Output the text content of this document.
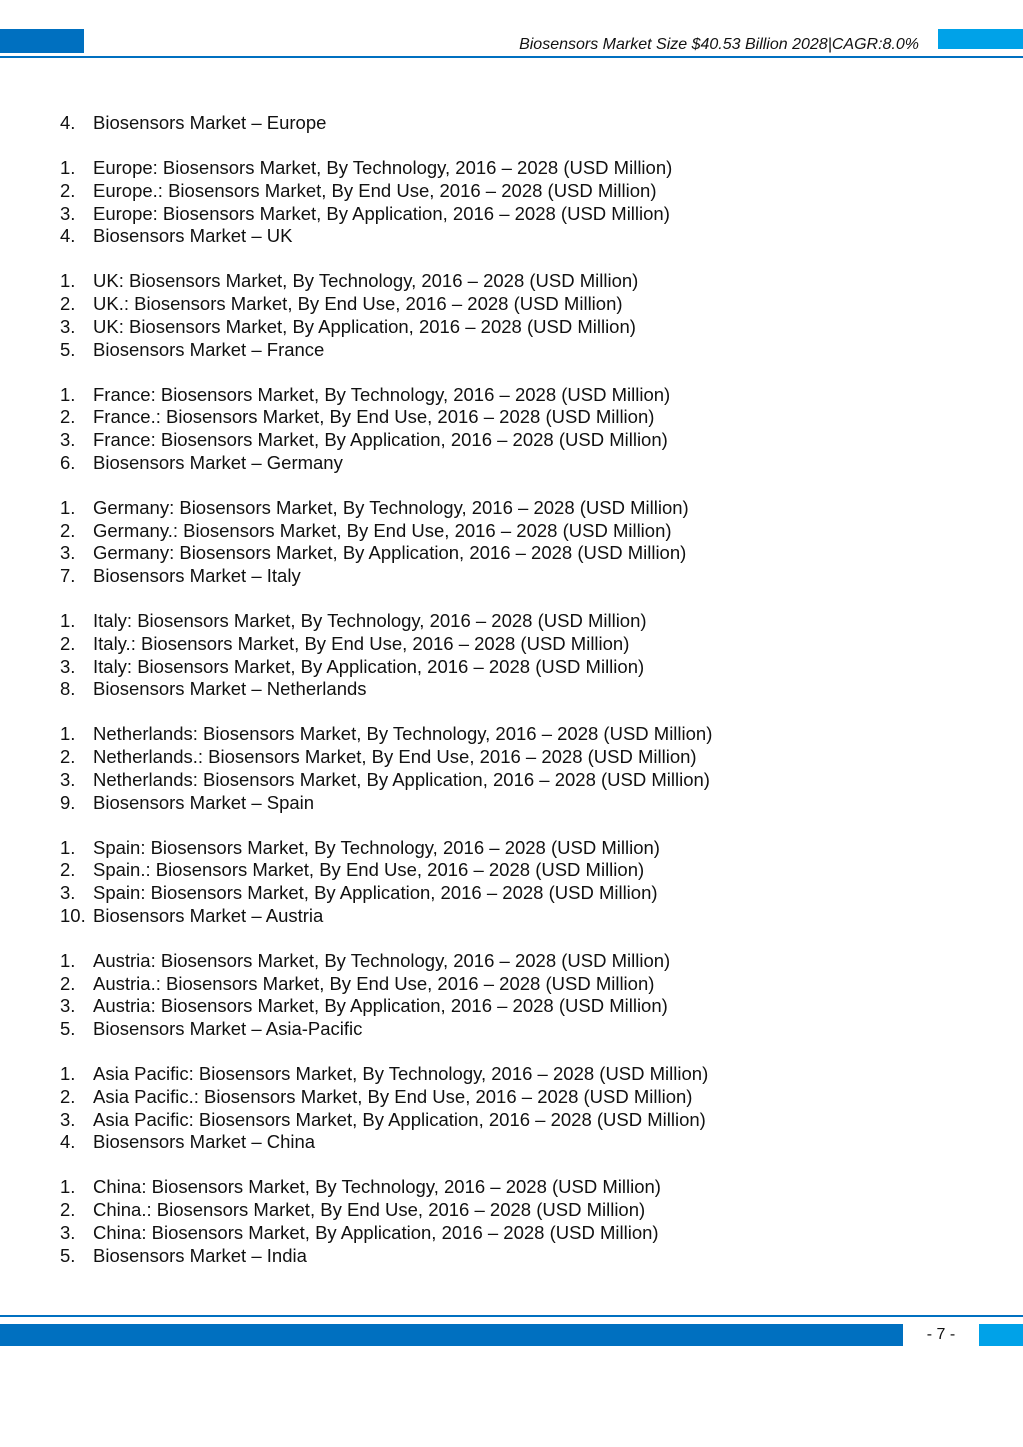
Biosensors Market Size $40.53 Billion 2028|CAGR:8.0%
4. Biosensors Market – Europe
1. Europe: Biosensors Market, By Technology, 2016 – 2028 (USD Million)
2. Europe.: Biosensors Market, By End Use, 2016 – 2028 (USD Million)
3. Europe: Biosensors Market, By Application, 2016 – 2028 (USD Million)
4. Biosensors Market – UK
1. UK: Biosensors Market, By Technology, 2016 – 2028 (USD Million)
2. UK.: Biosensors Market, By End Use, 2016 – 2028 (USD Million)
3. UK: Biosensors Market, By Application, 2016 – 2028 (USD Million)
5. Biosensors Market – France
1. France: Biosensors Market, By Technology, 2016 – 2028 (USD Million)
2. France.: Biosensors Market, By End Use, 2016 – 2028 (USD Million)
3. France: Biosensors Market, By Application, 2016 – 2028 (USD Million)
6. Biosensors Market – Germany
1. Germany: Biosensors Market, By Technology, 2016 – 2028 (USD Million)
2. Germany.: Biosensors Market, By End Use, 2016 – 2028 (USD Million)
3. Germany: Biosensors Market, By Application, 2016 – 2028 (USD Million)
7. Biosensors Market – Italy
1. Italy: Biosensors Market, By Technology, 2016 – 2028 (USD Million)
2. Italy.: Biosensors Market, By End Use, 2016 – 2028 (USD Million)
3. Italy: Biosensors Market, By Application, 2016 – 2028 (USD Million)
8. Biosensors Market – Netherlands
1. Netherlands: Biosensors Market, By Technology, 2016 – 2028 (USD Million)
2. Netherlands.: Biosensors Market, By End Use, 2016 – 2028 (USD Million)
3. Netherlands: Biosensors Market, By Application, 2016 – 2028 (USD Million)
9. Biosensors Market – Spain
1. Spain: Biosensors Market, By Technology, 2016 – 2028 (USD Million)
2. Spain.: Biosensors Market, By End Use, 2016 – 2028 (USD Million)
3. Spain: Biosensors Market, By Application, 2016 – 2028 (USD Million)
10. Biosensors Market – Austria
1. Austria: Biosensors Market, By Technology, 2016 – 2028 (USD Million)
2. Austria.: Biosensors Market, By End Use, 2016 – 2028 (USD Million)
3. Austria: Biosensors Market, By Application, 2016 – 2028 (USD Million)
5. Biosensors Market – Asia-Pacific
1. Asia Pacific: Biosensors Market, By Technology, 2016 – 2028 (USD Million)
2. Asia Pacific.: Biosensors Market, By End Use, 2016 – 2028 (USD Million)
3. Asia Pacific: Biosensors Market, By Application, 2016 – 2028 (USD Million)
4. Biosensors Market – China
1. China: Biosensors Market, By Technology, 2016 – 2028 (USD Million)
2. China.: Biosensors Market, By End Use, 2016 – 2028 (USD Million)
3. China: Biosensors Market, By Application, 2016 – 2028 (USD Million)
5. Biosensors Market – India
- 7 -
